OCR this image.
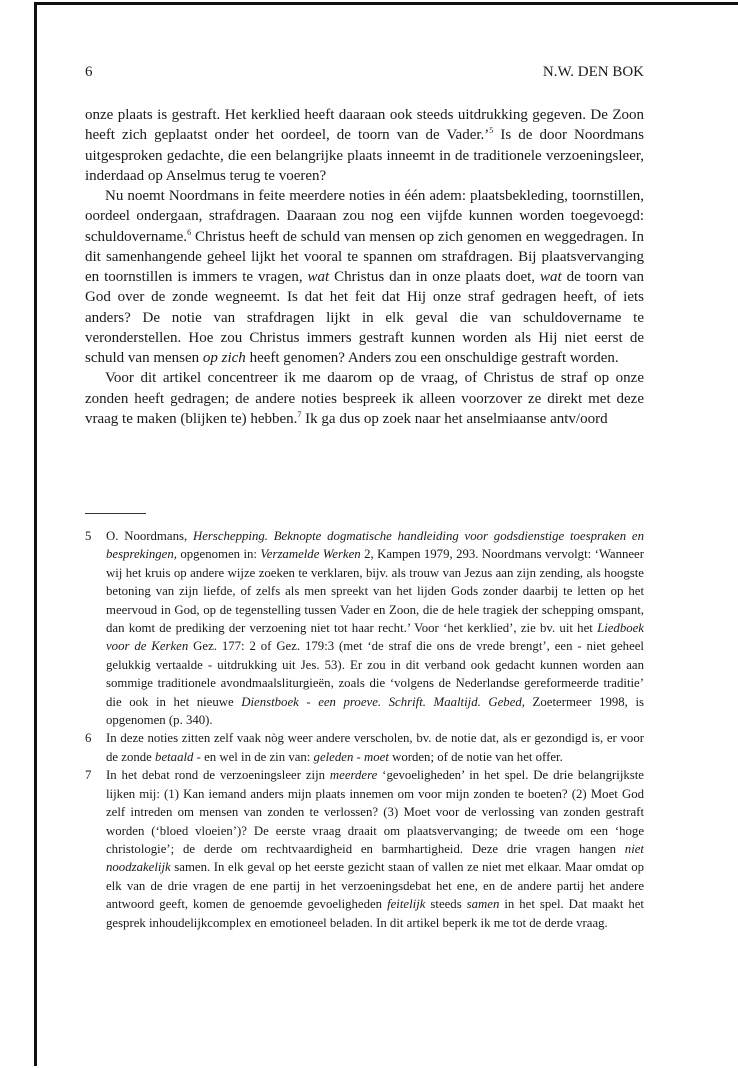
6	N.W. DEN BOK

onze plaats is gestraft. Het kerklied heeft daaraan ook steeds uitdrukking gegeven. De Zoon heeft zich geplaatst onder het oordeel, de toorn van de Vader.’$^5$ Is de door Noordmans uitgesproken gedachte, die een belangrijke plaats inneemt in de traditionele verzoeningsleer, inderdaad op Anselmus terug te voeren?

Nu noemt Noordmans in feite meerdere noties in één adem: plaatsbekleding, toornstillen, oordeel ondergaan, strafdragen. Daaraan zou nog een vijfde kunnen worden toegevoegd: schuldovername.$^6$ Christus heeft de schuld van mensen op zich genomen en weggedragen. In dit samenhangende geheel lijkt het vooral te spannen om strafdragen. Bij plaatsvervanging en toornstillen is immers te vragen, wat Christus dan in onze plaats doet, wat de toorn van God over de zonde wegneemt. Is dat het feit dat Hij onze straf gedragen heeft, of iets anders? De notie van strafdragen lijkt in elk geval die van schuldovername te veronderstellen. Hoe zou Christus immers gestraft kunnen worden als Hij niet eerst de schuld van mensen op zich heeft genomen? Anders zou een onschuldige gestraft worden.

Voor dit artikel concentreer ik me daarom op de vraag, of Christus de straf op onze zonden heeft gedragen; de andere noties bespreek ik alleen voorzover ze direkt met deze vraag te maken (blijken te) hebben.$^7$ Ik ga dus op zoek naar het anselmiaanse antv/oord

5	O. Noordmans, Herschepping. Beknopte dogmatische handleiding voor godsdienstige toespraken en besprekingen, opgenomen in: Verzamelde Werken 2, Kampen 1979, 293. Noordmans vervolgt: ‘Wanneer wij het kruis op andere wijze zoeken te verklaren, bijv. als trouw van Jezus aan zijn zending, als hoogste betoning van zijn liefde, of zelfs als men spreekt van het lijden Gods zonder daarbij te letten op het meervoud in God, op de tegenstelling tussen Vader en Zoon, die de hele tragiek der schepping omspant, dan komt de prediking der verzoening niet tot haar recht.’ Voor ‘het kerklied’, zie bv. uit het Liedboek voor de Kerken Gez. 177: 2 of Gez. 179:3 (met ‘de straf die ons de vrede brengt’, een - niet geheel gelukkig vertaalde - uitdrukking uit Jes. 53). Er zou in dit verband ook gedacht kunnen worden aan sommige traditionele avondmaalsliturgieën, zoals die ‘volgens de Nederlandse gereformeerde traditie’ die ook in het nieuwe Dienstboek - een proeve. Schrift. Maaltijd. Gebed, Zoetermeer 1998, is opgenomen (p. 340).
6	In deze noties zitten zelf vaak nòg weer andere verscholen, bv. de notie dat, als er gezondigd is, er voor de zonde betaald - en wel in de zin van: geleden - moet worden; of de notie van het offer.
7	In het debat rond de verzoeningsleer zijn meerdere ‘gevoeligheden’ in het spel. De drie belangrijkste lijken mij: (1) Kan iemand anders mijn plaats innemen om voor mijn zonden te boeten? (2) Moet God zelf intreden om mensen van zonden te verlossen? (3) Moet voor de verlossing van zonden gestraft worden (‘bloed vloeien’)? De eerste vraag draait om plaatsvervanging; de tweede om een ‘hoge christologie’; de derde om rechtvaardigheid en barmhartigheid. Deze drie vragen hangen niet noodzakelijk samen. In elk geval op het eerste gezicht staan of vallen ze niet met elkaar. Maar omdat op elk van de drie vragen de ene partij in het verzoeningsdebat het ene, en de andere partij het andere antwoord geeft, komen de genoemde gevoeligheden feitelijk steeds samen in het spel. Dat maakt het gesprek inhoudelijkcomplex en emotioneel beladen. In dit artikel beperk ik me tot de derde vraag.
